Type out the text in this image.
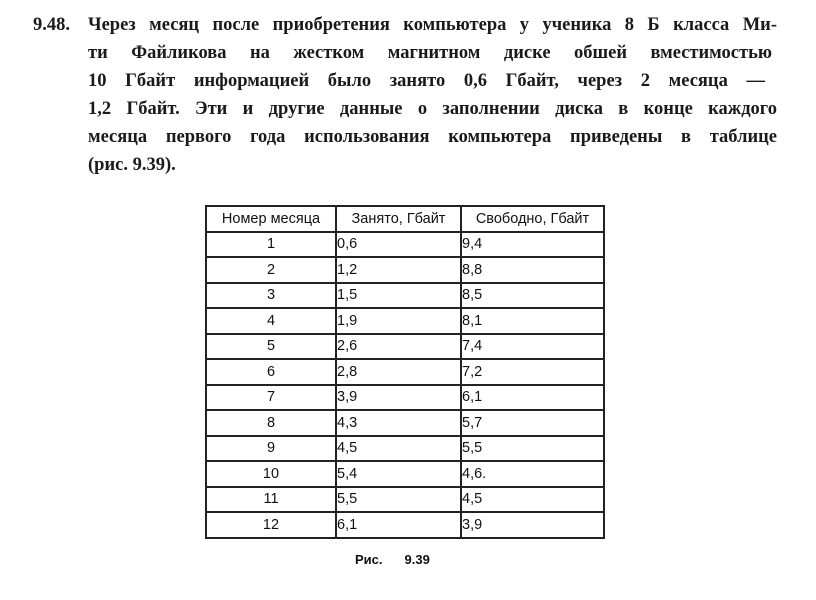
9.48. Через месяц после приобретения компьютера у ученика 8 Б класса Ми-
ти Файликова на жестком магнитном диске обшей вместимостью
10 Гбайт информацией было занято 0,6 Гбайт, через 2 месяца —
1,2 Гбайт. Эти и другие данные о заполнении диска в конце каждого
месяца первого года использования компьютера приведены в таблице
(рис. 9.39).
Номер месяца	Занято, Гбайт	Свободно, Гбайт
1	0,6	9,4
2	1,2	8,8
3	1,5	8,5
4	1,9	8,1
5	2,6	7,4
6	2,8	7,2
7	3,9	6,1
8	4,3	5,7
9	4,5	5,5
10	5,4	4,6.
11	5,5	4,5
12	6,1	3,9
Рис. 9.39
